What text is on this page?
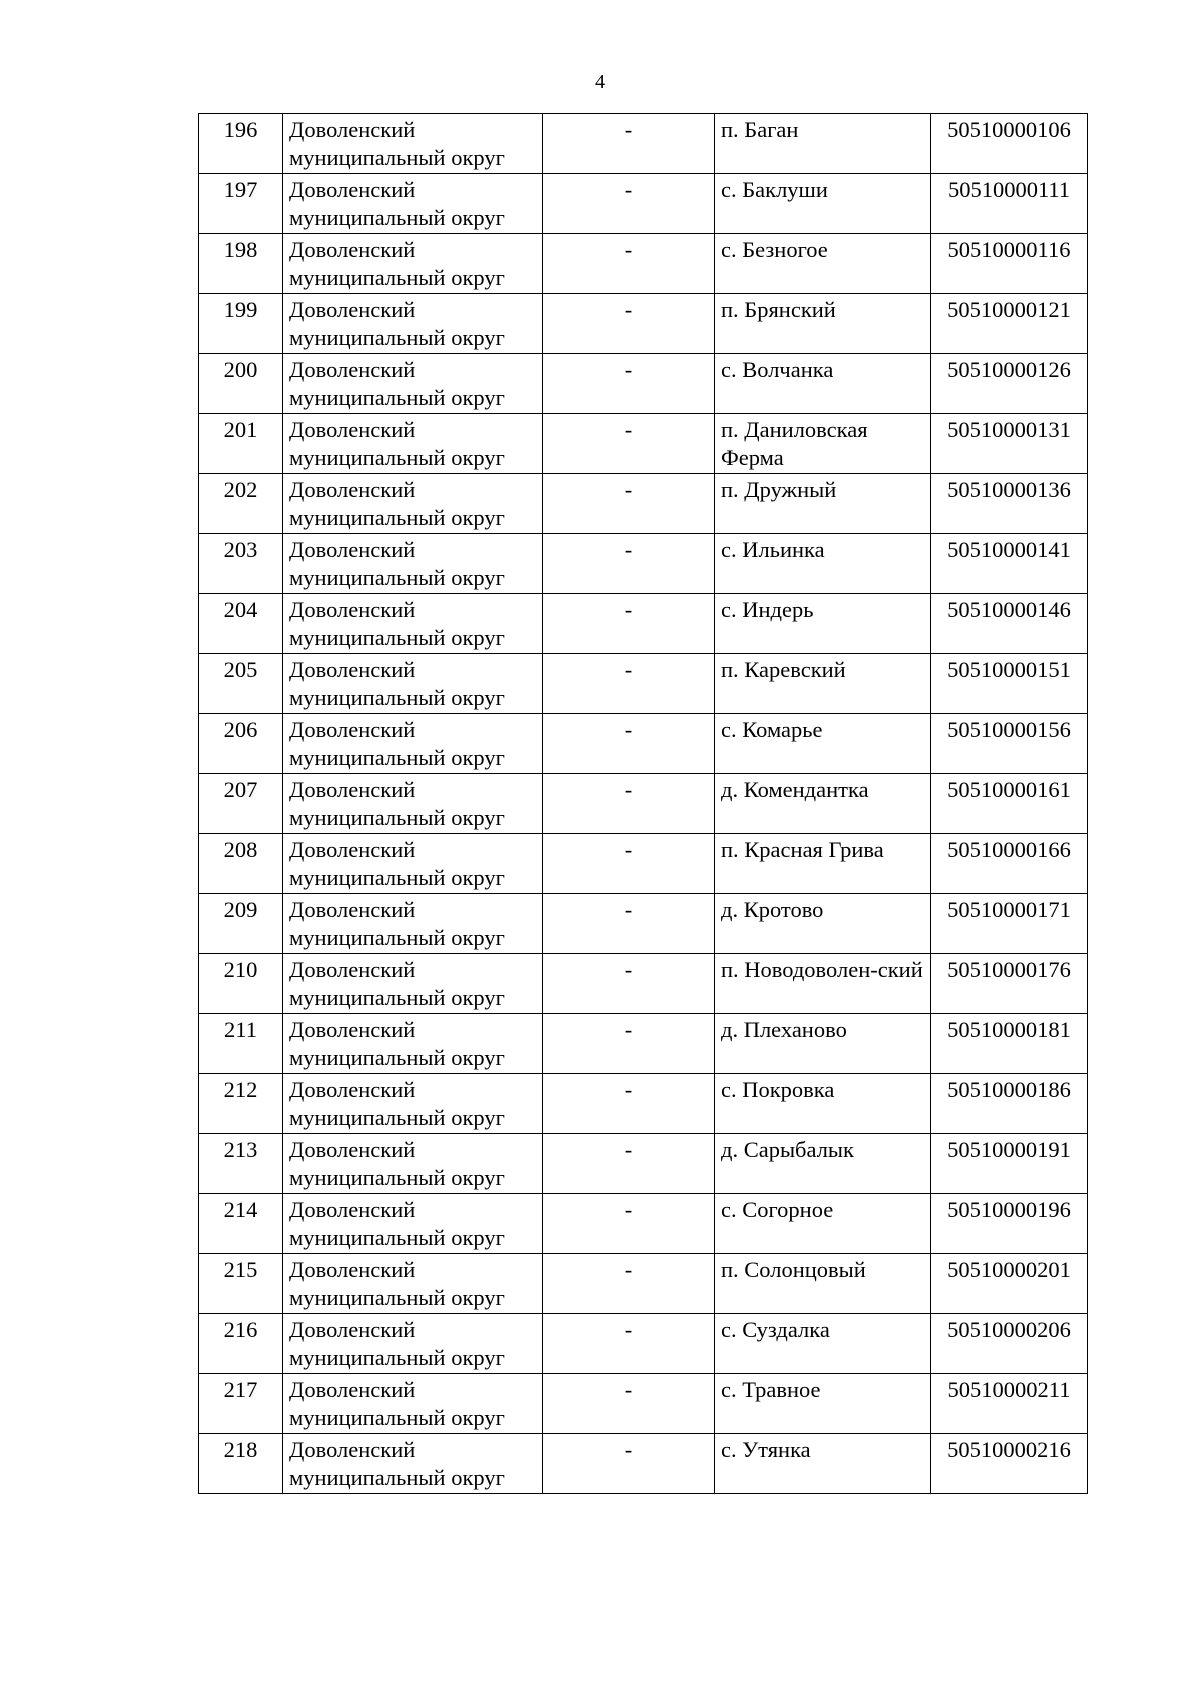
4
196	Доволенский муниципальный округ	-	п. Баган	50510000106
197	Доволенский муниципальный округ	-	с. Баклуши	50510000111
198	Доволенский муниципальный округ	-	с. Безногое	50510000116
199	Доволенский муниципальный округ	-	п. Брянский	50510000121
200	Доволенский муниципальный округ	-	с. Волчанка	50510000126
201	Доволенский муниципальный округ	-	п. Даниловская Ферма	50510000131
202	Доволенский муниципальный округ	-	п. Дружный	50510000136
203	Доволенский муниципальный округ	-	с. Ильинка	50510000141
204	Доволенский муниципальный округ	-	с. Индерь	50510000146
205	Доволенский муниципальный округ	-	п. Каревский	50510000151
206	Доволенский муниципальный округ	-	с. Комарье	50510000156
207	Доволенский муниципальный округ	-	д. Комендантка	50510000161
208	Доволенский муниципальный округ	-	п. Красная Грива	50510000166
209	Доволенский муниципальный округ	-	д. Кротово	50510000171
210	Доволенский муниципальный округ	-	п. Новодоволен-ский	50510000176
211	Доволенский муниципальный округ	-	д. Плеханово	50510000181
212	Доволенский муниципальный округ	-	с. Покровка	50510000186
213	Доволенский муниципальный округ	-	д. Сарыбалык	50510000191
214	Доволенский муниципальный округ	-	с. Согорное	50510000196
215	Доволенский муниципальный округ	-	п. Солонцовый	50510000201
216	Доволенский муниципальный округ	-	с. Суздалка	50510000206
217	Доволенский муниципальный округ	-	с. Травное	50510000211
218	Доволенский муниципальный округ	-	с. Утянка	50510000216
